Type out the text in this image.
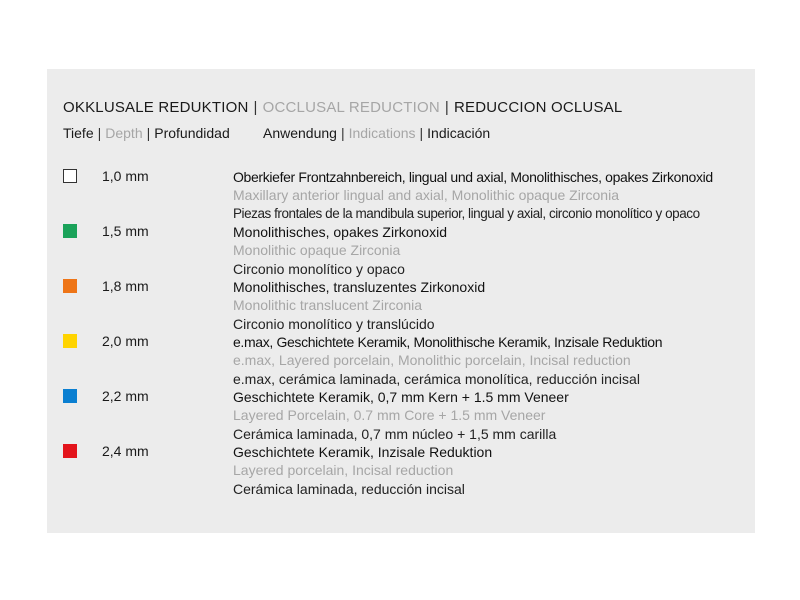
OKKLUSALE REDUKTION | OCCLUSAL REDUCTION | REDUCCION OCLUSAL
Tiefe | Depth | Profundidad Anwendung | Indications | Indicación
1,0 mm	Oberkiefer Frontzahnbereich, lingual und axial, Monolithisches, opakes Zirkonoxid
Maxillary anterior lingual and axial, Monolithic opaque Zirconia
Piezas frontales de la mandibula superior, lingual y axial, circonio monolítico y opaco
1,5 mm	Monolithisches, opakes Zirkonoxid
Monolithic opaque Zirconia
Circonio monolítico y opaco
1,8 mm	Monolithisches, transluzentes Zirkonoxid
Monolithic translucent Zirconia
Circonio monolítico y translúcido
2,0 mm	e.max, Geschichtete Keramik, Monolithische Keramik, Inzisale Reduktion
e.max, Layered porcelain, Monolithic porcelain, Incisal reduction
e.max, cerámica laminada, cerámica monolítica, reducción incisal
2,2 mm	Geschichtete Keramik, 0,7 mm Kern + 1.5 mm Veneer
Layered Porcelain, 0.7 mm Core + 1.5 mm Veneer
Cerámica laminada, 0,7 mm núcleo + 1,5 mm carilla
2,4 mm	Geschichtete Keramik, Inzisale Reduktion
Layered porcelain, Incisal reduction
Cerámica laminada, reducción incisal
